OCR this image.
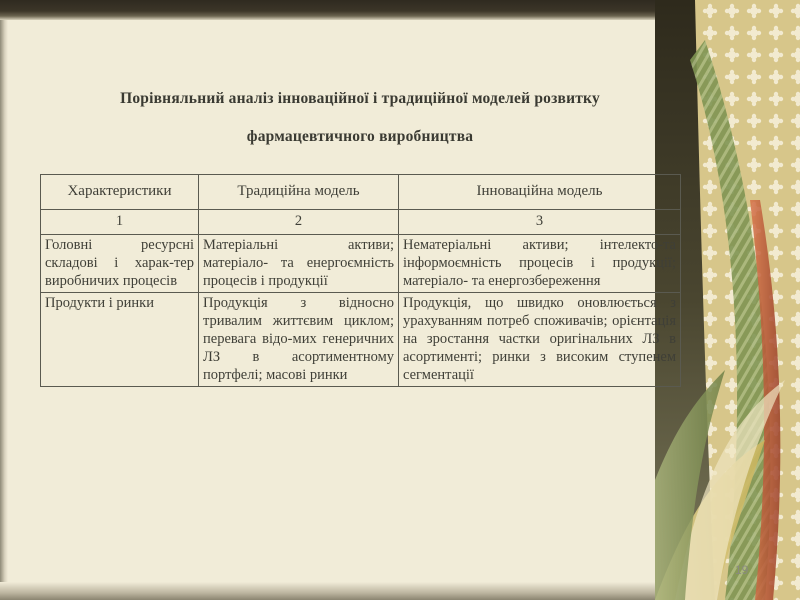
Порівняльний аналіз інноваційної і традиційної моделей розвитку
фармацевтичного виробництва
Характеристики	Традиційна модель	Інноваційна модель
1	2	3
Головні ресурсні складові і харак-тер виробничих процесів	Матеріальні активи; матеріало- та енергоємність процесів і продукції	Нематеріальні активи; інтелекто-та інформоємність процесів і продукції; матеріало- та енергозбереження
Продукти і ринки	Продукція з відносно тривалим життєвим циклом; перевага відо-мих генеричних ЛЗ в асортиментному портфелі; масові ринки	Продукція, що швидко оновлюється з урахуванням потреб споживачів; орієнтація на зростання частки оригінальних ЛЗ в асортименті; ринки з високим ступенем сегментації
19
